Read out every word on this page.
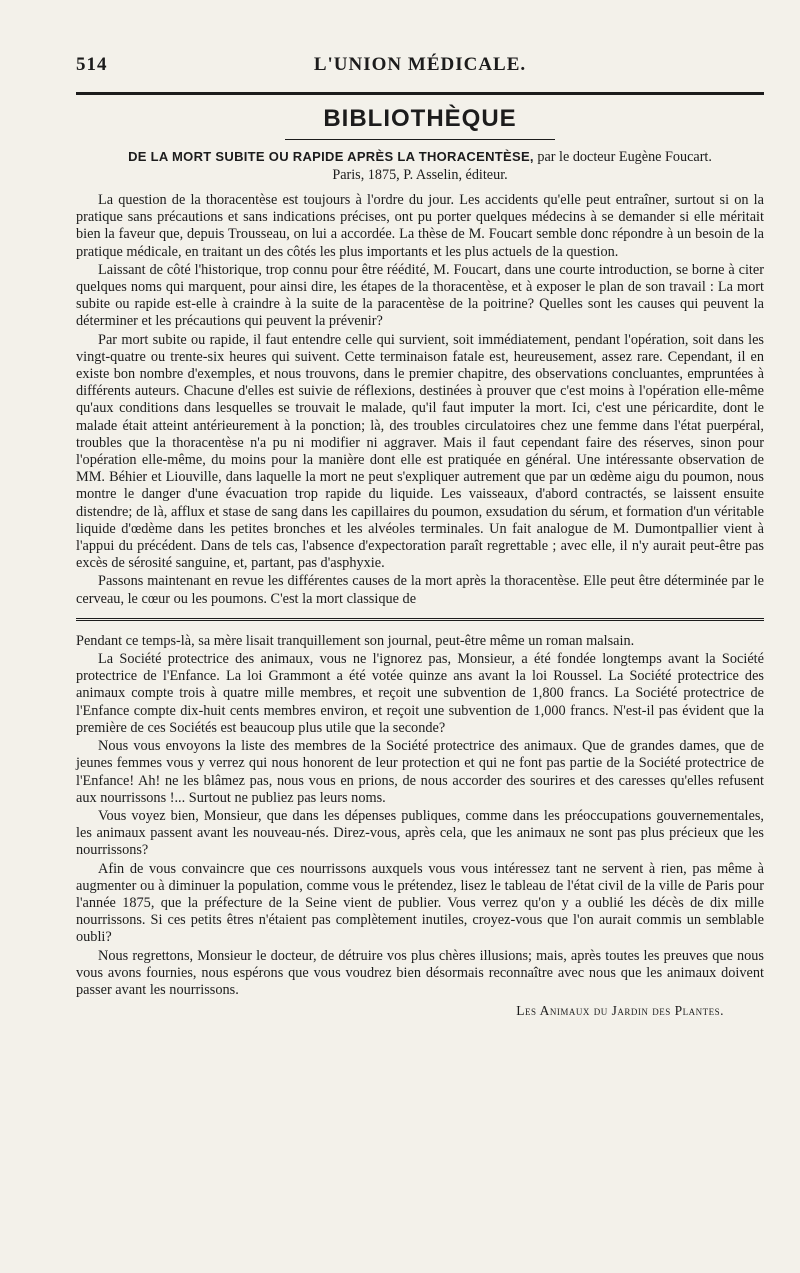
514	L'UNION MÉDICALE.
BIBLIOTHÈQUE
DE LA MORT SUBITE OU RAPIDE APRÈS LA THORACENTÈSE, par le docteur Eugène Foucart.
Paris, 1875, P. Asselin, éditeur.

La question de la thoracentèse est toujours à l'ordre du jour. Les accidents qu'elle peut entraîner, surtout si on la pratique sans précautions et sans indications précises, ont pu porter quelques médecins à se demander si elle méritait bien la faveur que, depuis Trousseau, on lui a accordée. La thèse de M. Foucart semble donc répondre à un besoin de la pratique médicale, en traitant un des côtés les plus importants et les plus actuels de la question.

Laissant de côté l'historique, trop connu pour être réédité, M. Foucart, dans une courte introduction, se borne à citer quelques noms qui marquent, pour ainsi dire, les étapes de la thoracentèse, et à exposer le plan de son travail : La mort subite ou rapide est-elle à craindre à la suite de la paracentèse de la poitrine? Quelles sont les causes qui peuvent la déterminer et les précautions qui peuvent la prévenir?

Par mort subite ou rapide, il faut entendre celle qui survient, soit immédiatement, pendant l'opération, soit dans les vingt-quatre ou trente-six heures qui suivent. Cette terminaison fatale est, heureusement, assez rare. Cependant, il en existe bon nombre d'exemples, et nous trouvons, dans le premier chapitre, des observations concluantes, empruntées à différents auteurs. Chacune d'elles est suivie de réflexions, destinées à prouver que c'est moins à l'opération elle-même qu'aux conditions dans lesquelles se trouvait le malade, qu'il faut imputer la mort. Ici, c'est une péricardite, dont le malade était atteint antérieurement à la ponction; là, des troubles circulatoires chez une femme dans l'état puerpéral, troubles que la thoracentèse n'a pu ni modifier ni aggraver. Mais il faut cependant faire des réserves, sinon pour l'opération elle-même, du moins pour la manière dont elle est pratiquée en général. Une intéressante observation de MM. Béhier et Liouville, dans laquelle la mort ne peut s'expliquer autrement que par un œdème aigu du poumon, nous montre le danger d'une évacuation trop rapide du liquide. Les vaisseaux, d'abord contractés, se laissent ensuite distendre; de là, afflux et stase de sang dans les capillaires du poumon, exsudation du sérum, et formation d'un véritable liquide d'œdème dans les petites bronches et les alvéoles terminales. Un fait analogue de M. Dumontpallier vient à l'appui du précédent. Dans de tels cas, l'absence d'expectoration paraît regrettable ; avec elle, il n'y aurait peut-être pas excès de sérosité sanguine, et, partant, pas d'asphyxie.

Passons maintenant en revue les différentes causes de la mort après la thoracentèse. Elle peut être déterminée par le cerveau, le cœur ou les poumons. C'est la mort classique de

Pendant ce temps-là, sa mère lisait tranquillement son journal, peut-être même un roman malsain.

La Société protectrice des animaux, vous ne l'ignorez pas, Monsieur, a été fondée longtemps avant la Société protectrice de l'Enfance. La loi Grammont a été votée quinze ans avant la loi Roussel. La Société protectrice des animaux compte trois à quatre mille membres, et reçoit une subvention de 1,800 francs. La Société protectrice de l'Enfance compte dix-huit cents membres environ, et reçoit une subvention de 1,000 francs. N'est-il pas évident que la première de ces Sociétés est beaucoup plus utile que la seconde?

Nous vous envoyons la liste des membres de la Société protectrice des animaux. Que de grandes dames, que de jeunes femmes vous y verrez qui nous honorent de leur protection et qui ne font pas partie de la Société protectrice de l'Enfance! Ah! ne les blâmez pas, nous vous en prions, de nous accorder des sourires et des caresses qu'elles refusent aux nourrissons !... Surtout ne publiez pas leurs noms.

Vous voyez bien, Monsieur, que dans les dépenses publiques, comme dans les préoccupations gouvernementales, les animaux passent avant les nouveau-nés. Direz-vous, après cela, que les animaux ne sont pas plus précieux que les nourrissons?

Afin de vous convaincre que ces nourrissons auxquels vous vous intéressez tant ne servent à rien, pas même à augmenter ou à diminuer la population, comme vous le prétendez, lisez le tableau de l'état civil de la ville de Paris pour l'année 1875, que la préfecture de la Seine vient de publier. Vous verrez qu'on y a oublié les décès de dix mille nourrissons. Si ces petits êtres n'étaient pas complètement inutiles, croyez-vous que l'on aurait commis un semblable oubli?

Nous regrettons, Monsieur le docteur, de détruire vos plus chères illusions; mais, après toutes les preuves que nous vous avons fournies, nous espérons que vous voudrez bien désormais reconnaître avec nous que les animaux doivent passer avant les nourrissons.

Les Animaux du Jardin des Plantes.
